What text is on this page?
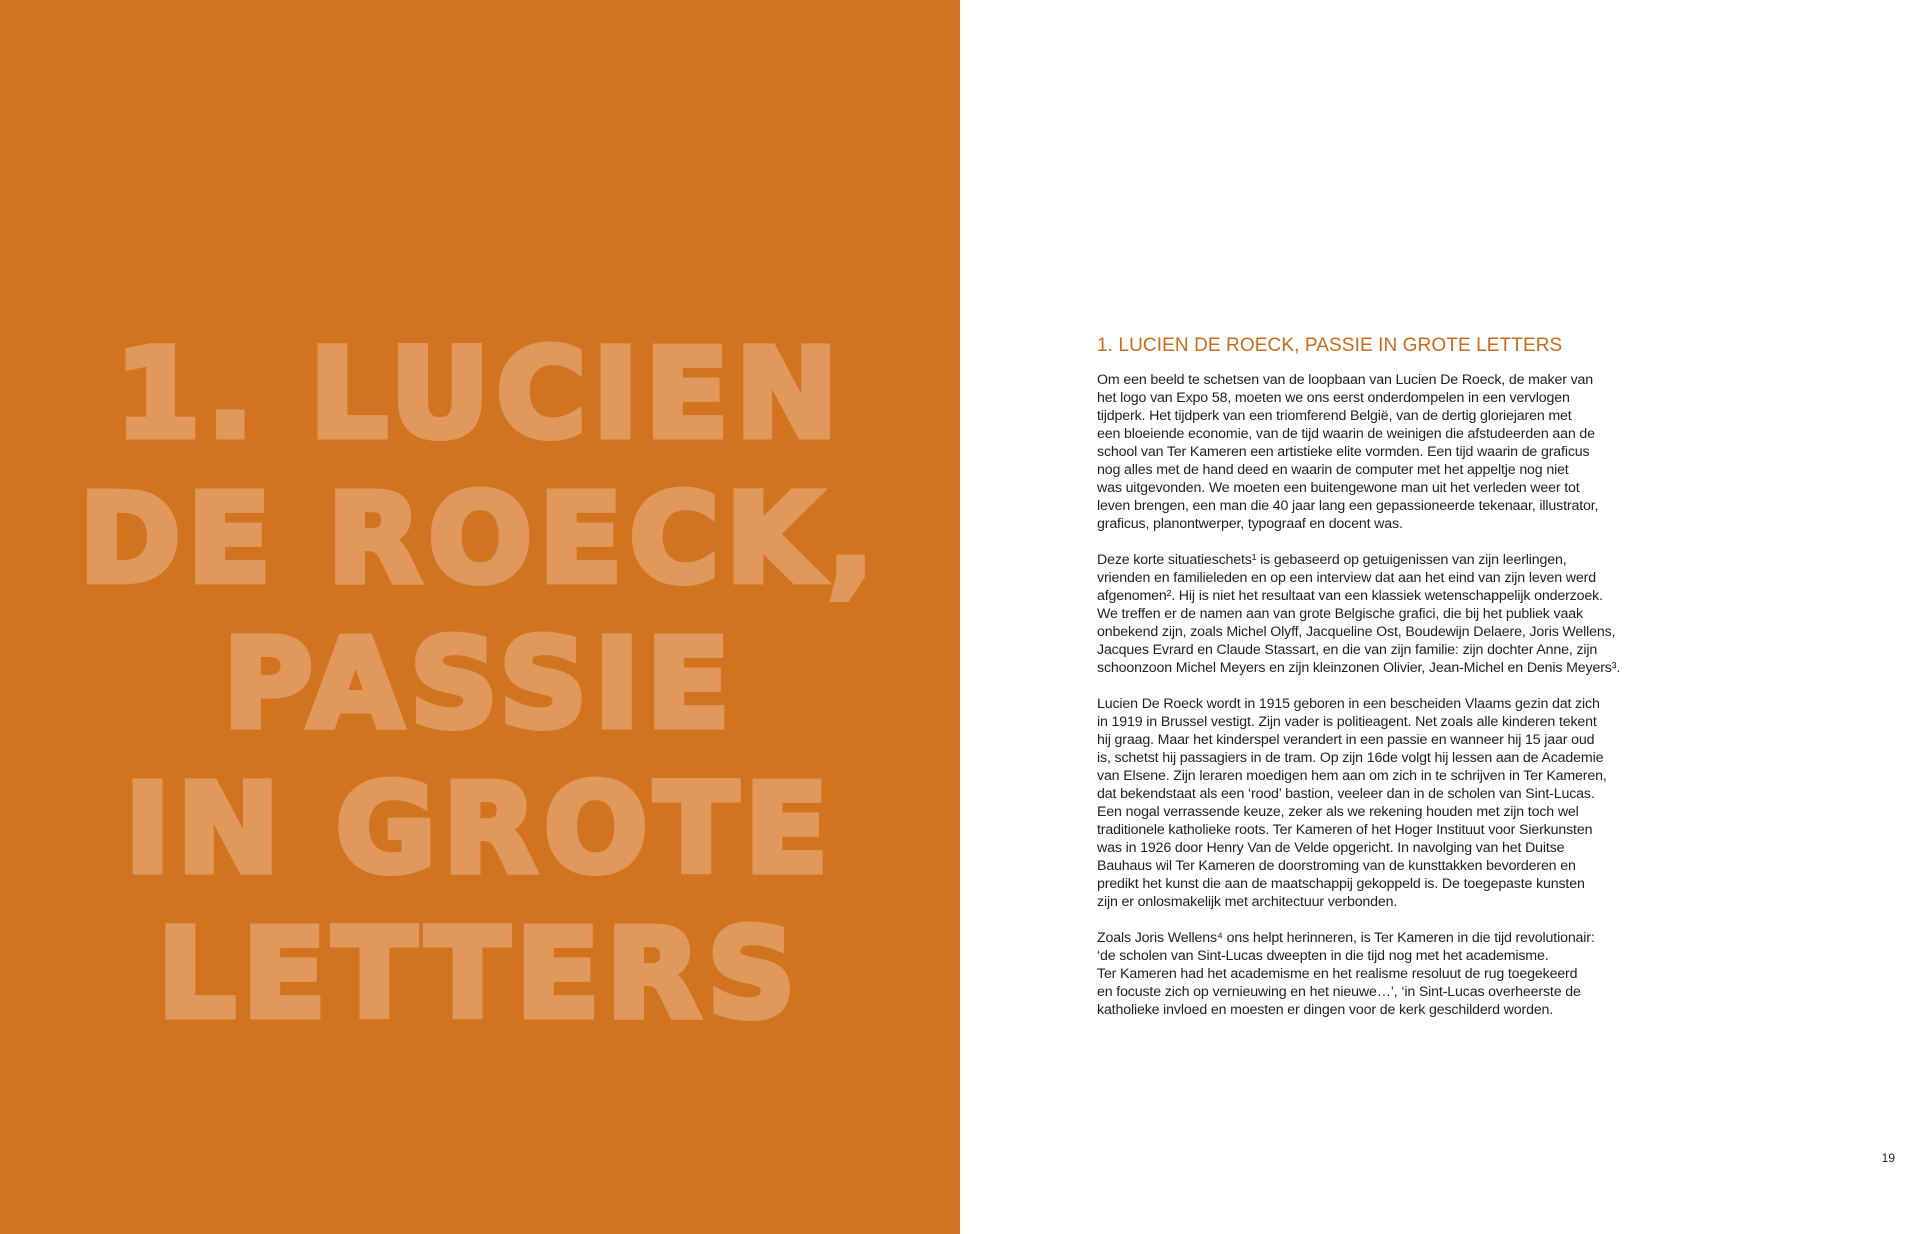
1. LUCIEN
DE ROECK,
PASSIE
IN GROTE
LETTERS
1. LUCIEN DE ROECK, PASSIE IN GROTE LETTERS

Om een beeld te schetsen van de loopbaan van Lucien De Roeck, de maker van
het logo van Expo 58, moeten we ons eerst onderdompelen in een vervlogen
tijdperk. Het tijdperk van een triomferend België, van de dertig gloriejaren met
een bloeiende economie, van de tijd waarin de weinigen die afstudeerden aan de
school van Ter Kameren een artistieke elite vormden. Een tijd waarin de graficus
nog alles met de hand deed en waarin de computer met het appeltje nog niet
was uitgevonden. We moeten een buitengewone man uit het verleden weer tot
leven brengen, een man die 40 jaar lang een gepassioneerde tekenaar, illustrator,
graficus, planontwerper, typograaf en docent was.

Deze korte situatieschets¹ is gebaseerd op getuigenissen van zijn leerlingen,
vrienden en familieleden en op een interview dat aan het eind van zijn leven werd
afgenomen². Hij is niet het resultaat van een klassiek wetenschappelijk onderzoek.
We treffen er de namen aan van grote Belgische grafici, die bij het publiek vaak
onbekend zijn, zoals Michel Olyff, Jacqueline Ost, Boudewijn Delaere, Joris Wellens,
Jacques Evrard en Claude Stassart, en die van zijn familie: zijn dochter Anne, zijn
schoonzoon Michel Meyers en zijn kleinzonen Olivier, Jean-Michel en Denis Meyers³.

Lucien De Roeck wordt in 1915 geboren in een bescheiden Vlaams gezin dat zich
in 1919 in Brussel vestigt. Zijn vader is politieagent. Net zoals alle kinderen tekent
hij graag. Maar het kinderspel verandert in een passie en wanneer hij 15 jaar oud
is, schetst hij passagiers in de tram. Op zijn 16de volgt hij lessen aan de Academie
van Elsene. Zijn leraren moedigen hem aan om zich in te schrijven in Ter Kameren,
dat bekendstaat als een ‘rood’ bastion, veeleer dan in de scholen van Sint-Lucas.
Een nogal verrassende keuze, zeker als we rekening houden met zijn toch wel
traditionele katholieke roots. Ter Kameren of het Hoger Instituut voor Sierkunsten
was in 1926 door Henry Van de Velde opgericht. In navolging van het Duitse
Bauhaus wil Ter Kameren de doorstroming van de kunsttakken bevorderen en
predikt het kunst die aan de maatschappij gekoppeld is. De toegepaste kunsten
zijn er onlosmakelijk met architectuur verbonden.

Zoals Joris Wellens⁴ ons helpt herinneren, is Ter Kameren in die tijd revolutionair:
‘de scholen van Sint-Lucas dweepten in die tijd nog met het academisme.
Ter Kameren had het academisme en het realisme resoluut de rug toegekeerd
en focuste zich op vernieuwing en het nieuwe…’, ‘in Sint-Lucas overheerste de
katholieke invloed en moesten er dingen voor de kerk geschilderd worden.

19
